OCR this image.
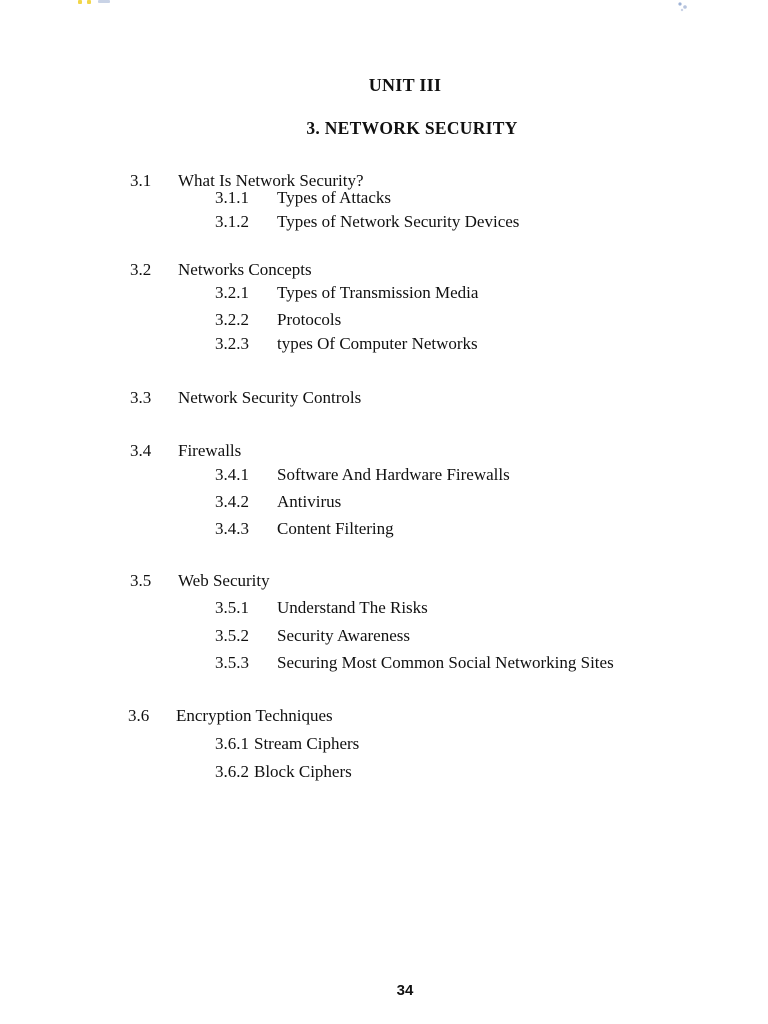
UNIT III
3. NETWORK SECURITY
3.1 What Is Network Security?
3.1.1 Types of Attacks
3.1.2 Types of Network Security Devices
3.2 Networks Concepts
3.2.1 Types of Transmission Media
3.2.2 Protocols
3.2.3 types Of Computer Networks
3.3 Network Security Controls
3.4 Firewalls
3.4.1 Software And Hardware Firewalls
3.4.2 Antivirus
3.4.3 Content Filtering
3.5 Web Security
3.5.1 Understand The Risks
3.5.2 Security Awareness
3.5.3 Securing Most Common Social Networking Sites
3.6 Encryption Techniques
3.6.1 Stream Ciphers
3.6.2 Block Ciphers
34
